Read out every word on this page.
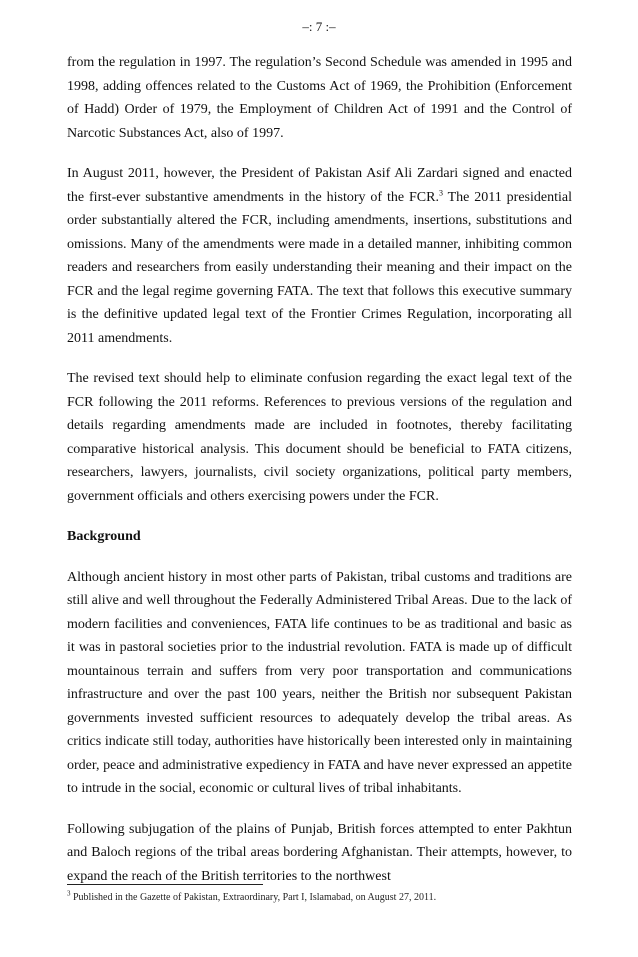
–: 7 :–

from the regulation in 1997. The regulation’s Second Schedule was amended in 1995 and 1998, adding offences related to the Customs Act of 1969, the Prohibition (Enforcement of Hadd) Order of 1979, the Employment of Children Act of 1991 and the Control of Narcotic Substances Act, also of 1997.

In August 2011, however, the President of Pakistan Asif Ali Zardari signed and enacted the first-ever substantive amendments in the history of the FCR.$^3$ The 2011 presidential order substantially altered the FCR, including amendments, insertions, substitutions and omissions. Many of the amendments were made in a detailed manner, inhibiting common readers and researchers from easily understanding their meaning and their impact on the FCR and the legal regime governing FATA. The text that follows this executive summary is the definitive updated legal text of the Frontier Crimes Regulation, incorporating all 2011 amendments.

The revised text should help to eliminate confusion regarding the exact legal text of the FCR following the 2011 reforms. References to previous versions of the regulation and details regarding amendments made are included in footnotes, thereby facilitating comparative historical analysis. This document should be beneficial to FATA citizens, researchers, lawyers, journalists, civil society organizations, political party members, government officials and others exercising powers under the FCR.

Background

Although ancient history in most other parts of Pakistan, tribal customs and traditions are still alive and well throughout the Federally Administered Tribal Areas. Due to the lack of modern facilities and conveniences, FATA life continues to be as traditional and basic as it was in pastoral societies prior to the industrial revolution. FATA is made up of difficult mountainous terrain and suffers from very poor transportation and communications infrastructure and over the past 100 years, neither the British nor subsequent Pakistan governments invested sufficient resources to adequately develop the tribal areas. As critics indicate still today, authorities have historically been interested only in maintaining order, peace and administrative expediency in FATA and have never expressed an appetite to intrude in the social, economic or cultural lives of tribal inhabitants.

Following subjugation of the plains of Punjab, British forces attempted to enter Pakhtun and Baloch regions of the tribal areas bordering Afghanistan. Their attempts, however, to expand the reach of the British territories to the northwest

$^3$ Published in the Gazette of Pakistan, Extraordinary, Part I, Islamabad, on August 27, 2011.
